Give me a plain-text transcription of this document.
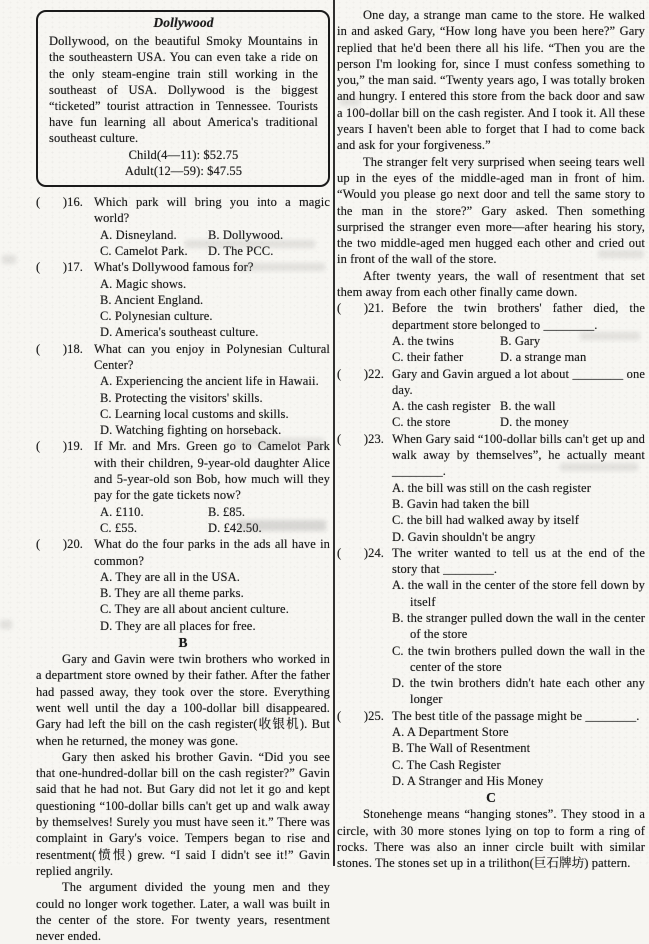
Dollywood
Dollywood, on the beautiful Smoky Mountains in the southeastern USA. You can even take a ride on the only steam-engine train still working in the southeast of USA. Dollywood is the biggest “ticketed” tourist attraction in Tennessee. Tourists have fun learning all about America's traditional southeast culture.
Child(4—11): $52.75
Adult(12—59): $47.55
(       )16. Which park will bring you into a magic world?
A. Disneyland.	B. Dollywood.
C. Camelot Park.	D. The PCC.
(       )17. What's Dollywood famous for?
A. Magic shows.
B. Ancient England.
C. Polynesian culture.
D. America's southeast culture.
(       )18. What can you enjoy in Polynesian Cultural Center?
A. Experiencing the ancient life in Hawaii.
B. Protecting the visitors' skills.
C. Learning local customs and skills.
D. Watching fighting on horseback.
(       )19. If Mr. and Mrs. Green go to Camelot Park with their children, 9-year-old daughter Alice and 5-year-old son Bob, how much will they pay for the gate tickets now?
A. £110.	B. £85.
C. £55.	D. £42.50.
(       )20. What do the four parks in the ads all have in common?
A. They are all in the USA.
B. They are all theme parks.
C. They are all about ancient culture.
D. They are all places for free.
B

Gary and Gavin were twin brothers who worked in a department store owned by their father. After the father had passed away, they took over the store. Everything went well until the day a 100-dollar bill disappeared. Gary had left the bill on the cash register(收银机). But when he returned, the money was gone.

Gary then asked his brother Gavin. “Did you see that one-hundred-dollar bill on the cash register?” Gavin said that he had not. But Gary did not let it go and kept questioning “100-dollar bills can't get up and walk away by themselves! Surely you must have seen it.” There was complaint in Gary's voice. Tempers began to rise and resentment(愤恨) grew. “I said I didn't see it!” Gavin replied angrily.

The argument divided the young men and they could no longer work together. Later, a wall was built in the center of the store. For twenty years, resentment never ended.

One day, a strange man came to the store. He walked in and asked Gary, “How long have you been here?” Gary replied that he'd been there all his life. “Then you are the person I'm looking for, since I must confess something to you,” the man said. “Twenty years ago, I was totally broken and hungry. I entered this store from the back door and saw a 100-dollar bill on the cash register. And I took it. All these years I haven't been able to forget that I had to come back and ask for your forgiveness.”

The stranger felt very surprised when seeing tears well up in the eyes of the middle-aged man in front of him. “Would you please go next door and tell the same story to the man in the store?” Gary asked. Then something surprised the stranger even more—after hearing his story, the two middle-aged men hugged each other and cried out in front of the wall of the store.

After twenty years, the wall of resentment that set them away from each other finally came down.

(       )21. Before the twin brothers' father died, the department store belonged to ________.
A. the twins	B. Gary
C. their father	D. a strange man
(       )22. Gary and Gavin argued a lot about ________ one day.
A. the cash register B. the wall
C. the store	D. the money
(       )23. When Gary said “100-dollar bills can't get up and walk away by themselves”, he actually meant ________.
A. the bill was still on the cash register
B. Gavin had taken the bill
C. the bill had walked away by itself
D. Gavin shouldn't be angry
(       )24. The writer wanted to tell us at the end of the story that ________.
A. the wall in the center of the store fell down by itself
B. the stranger pulled down the wall in the center of the store
C. the twin brothers pulled down the wall in the center of the store
D. the twin brothers didn't hate each other any longer
(       )25. The best title of the passage might be ________.
A. A Department Store
B. The Wall of Resentment
C. The Cash Register
D. A Stranger and His Money
C

Stonehenge means “hanging stones”. They stood in a circle, with 30 more stones lying on top to form a ring of rocks. There was also an inner circle built with similar stones. The stones set up in a trilithon(巨石牌坊) pattern.
